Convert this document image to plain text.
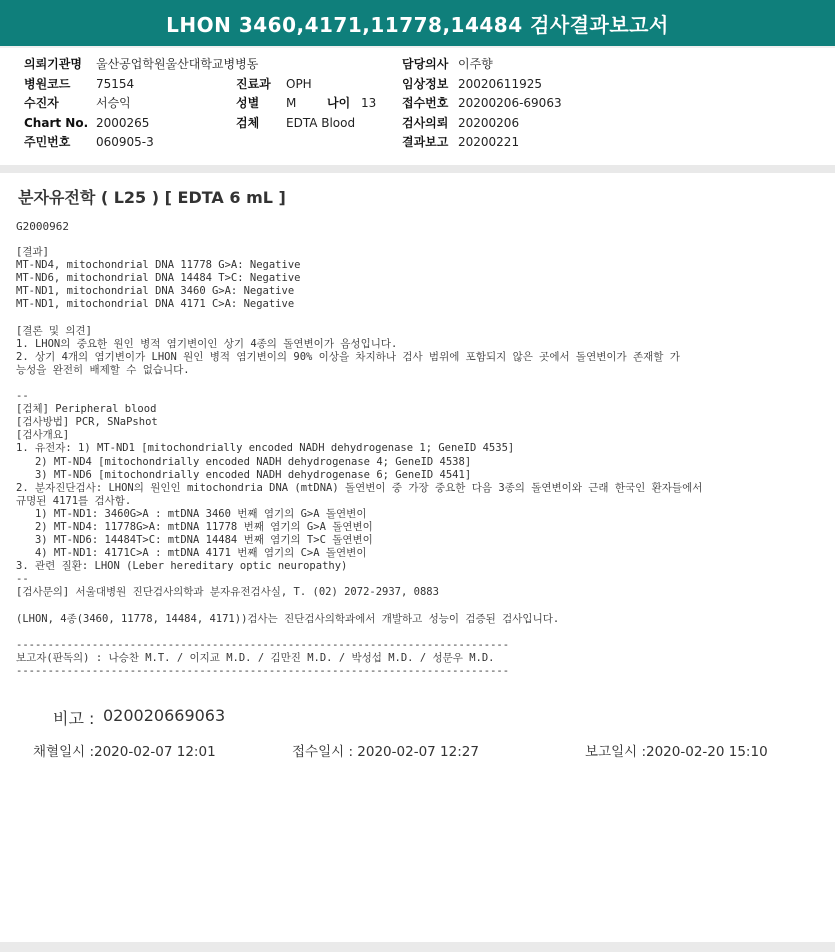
LHON 3460,4171,11778,14484 검사결과보고서
의뢰기관명 울산공업학원울산대학교병병동	담당의사 이주향
병원코드 75154	진료과 OPH	임상정보 20020611925
수진자	서승익	성별 M	나이 13 접수번호 20200206-69063
Chart No. 2000265	검체 EDTA Blood	검사의뢰 20200206
주민번호 060905-3	결과보고 20200221
분자유전학 ( L25 ) [ EDTA 6 mL ]
G2000962
[결과]
MT-ND4, mitochondrial DNA 11778 G>A: Negative
MT-ND6, mitochondrial DNA 14484 T>C: Negative
MT-ND1, mitochondrial DNA 3460 G>A: Negative
MT-ND1, mitochondrial DNA 4171 C>A: Negative

[결론 및 의견]
1. LHON의 중요한 원인 병적 염기변이인 상기 4종의 돌연변이가 음성입니다.
2. 상기 4개의 염기변이가 LHON 원인 병적 염기변이의 90% 이상을 차지하나 검사 범위에 포함되지 않은 곳에서 돌연변이가 존재할 가
능성을 완전히 배제할 수 없습니다.

--
[검체] Peripheral blood
[검사방법] PCR, SNaPshot
[검사개요]
1. 유전자: 1) MT-ND1 [mitochondrially encoded NADH dehydrogenase 1; GeneID 4535]
2) MT-ND4 [mitochondrially encoded NADH dehydrogenase 4; GeneID 4538]
3) MT-ND6 [mitochondrially encoded NADH dehydrogenase 6; GeneID 4541]
2. 분자진단검사: LHON의 원인인 mitochondria DNA (mtDNA) 돌연변이 중 가장 중요한 다음 3종의 돌연변이와 근래 한국인 환자들에서
규명된 4171를 검사함.
1) MT-ND1: 3460G>A : mtDNA 3460 번째 염기의 G>A 돌연변이
2) MT-ND4: 11778G>A: mtDNA 11778 번째 염기의 G>A 돌연변이
3) MT-ND6: 14484T>C: mtDNA 14484 번째 염기의 T>C 돌연변이
4) MT-ND1: 4171C>A : mtDNA 4171 번째 염기의 C>A 돌연변이
3. 관련 질환: LHON (Leber hereditary optic neuropathy)
--
[검사문의] 서울대병원 진단검사의학과 분자유전검사실, T. (02) 2072-2937, 0883

(LHON, 4종(3460, 11778, 14484, 4171))검사는 진단검사의학과에서 개발하고 성능이 검증된 검사입니다.

------------------------------------------------------------------------------
보고자(판독의) : 나승찬 M.T. / 이지교 M.D. / 김만진 M.D. / 박성섭 M.D. / 성문우 M.D.
------------------------------------------------------------------------------
비고 : 020020669063
채혈일시 :2020-02-07 12:01	접수일시 : 2020-02-07 12:27	보고일시 :2020-02-20 15:10
